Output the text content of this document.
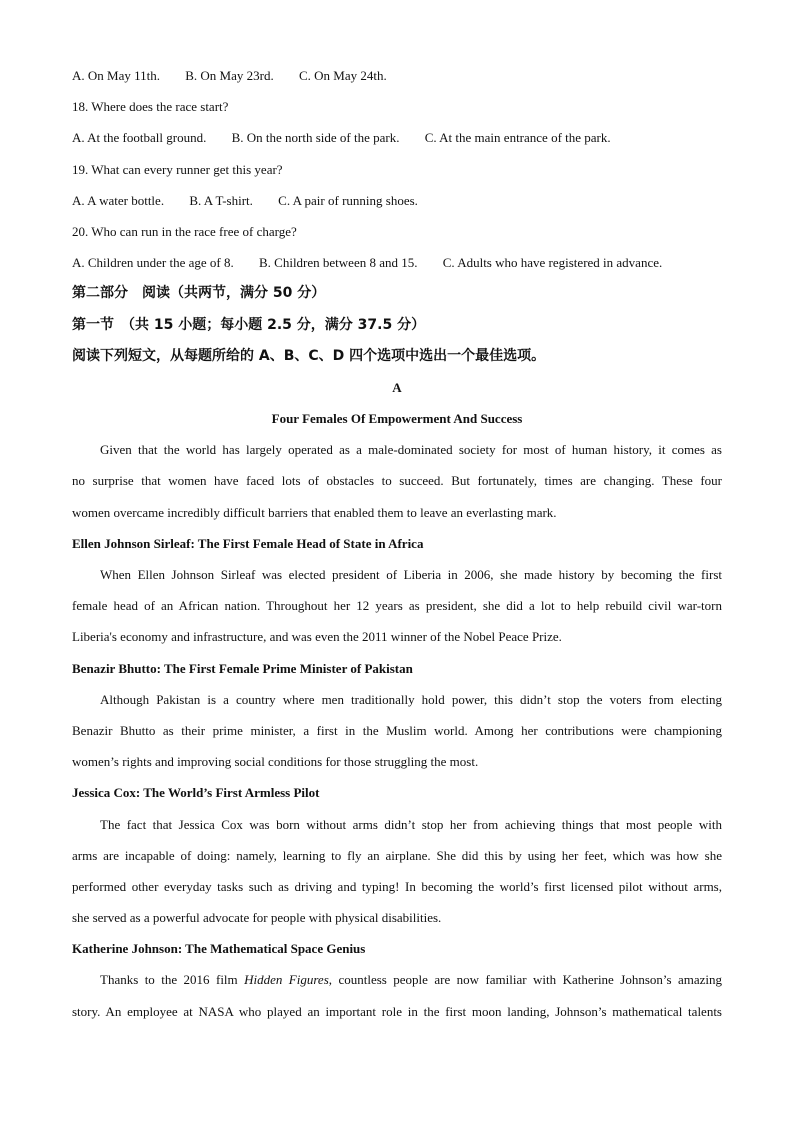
A. On May 11th. B. On May 23rd. C. On May 24th.
18. Where does the race start?
A. At the football ground. B. On the north side of the park. C. At the main entrance of the park.
19. What can every runner get this year?
A. A water bottle. B. A T-shirt. C. A pair of running shoes.
20. Who can run in the race free of charge?
A. Children under the age of 8. B. Children between 8 and 15. C. Adults who have registered in advance.
第二部分　阅读（共两节，满分 50 分）
第一节　（共 15 小题；每小题 2.5 分，满分 37.5 分）
阅读下列短文，从每题所给的 A、B、C、D 四个选项中选出一个最佳选项。
A
Four Females Of Empowerment And Success
Given that the world has largely operated as a male-dominated society for most of human history, it comes as
no surprise that women have faced lots of obstacles to succeed. But fortunately, times are changing. These four
women overcame incredibly difficult barriers that enabled them to leave an everlasting mark.
Ellen Johnson Sirleaf: The First Female Head of State in Africa
When Ellen Johnson Sirleaf was elected president of Liberia in 2006, she made history by becoming the first
female head of an African nation. Throughout her 12 years as president, she did a lot to help rebuild civil war-torn
Liberia's economy and infrastructure, and was even the 2011 winner of the Nobel Peace Prize.
Benazir Bhutto: The First Female Prime Minister of Pakistan
Although Pakistan is a country where men traditionally hold power, this didn’t stop the voters from electing
Benazir Bhutto as their prime minister, a first in the Muslim world. Among her contributions were championing
women’s rights and improving social conditions for those struggling the most.
Jessica Cox: The World’s First Armless Pilot
The fact that Jessica Cox was born without arms didn’t stop her from achieving things that most people with
arms are incapable of doing: namely, learning to fly an airplane. She did this by using her feet, which was how she
performed other everyday tasks such as driving and typing! In becoming the world’s first licensed pilot without arms,
she served as a powerful advocate for people with physical disabilities.
Katherine Johnson: The Mathematical Space Genius
Thanks to the 2016 film Hidden Figures, countless people are now familiar with Katherine Johnson’s amazing
story. An employee at NASA who played an important role in the first moon landing, Johnson’s mathematical talents
